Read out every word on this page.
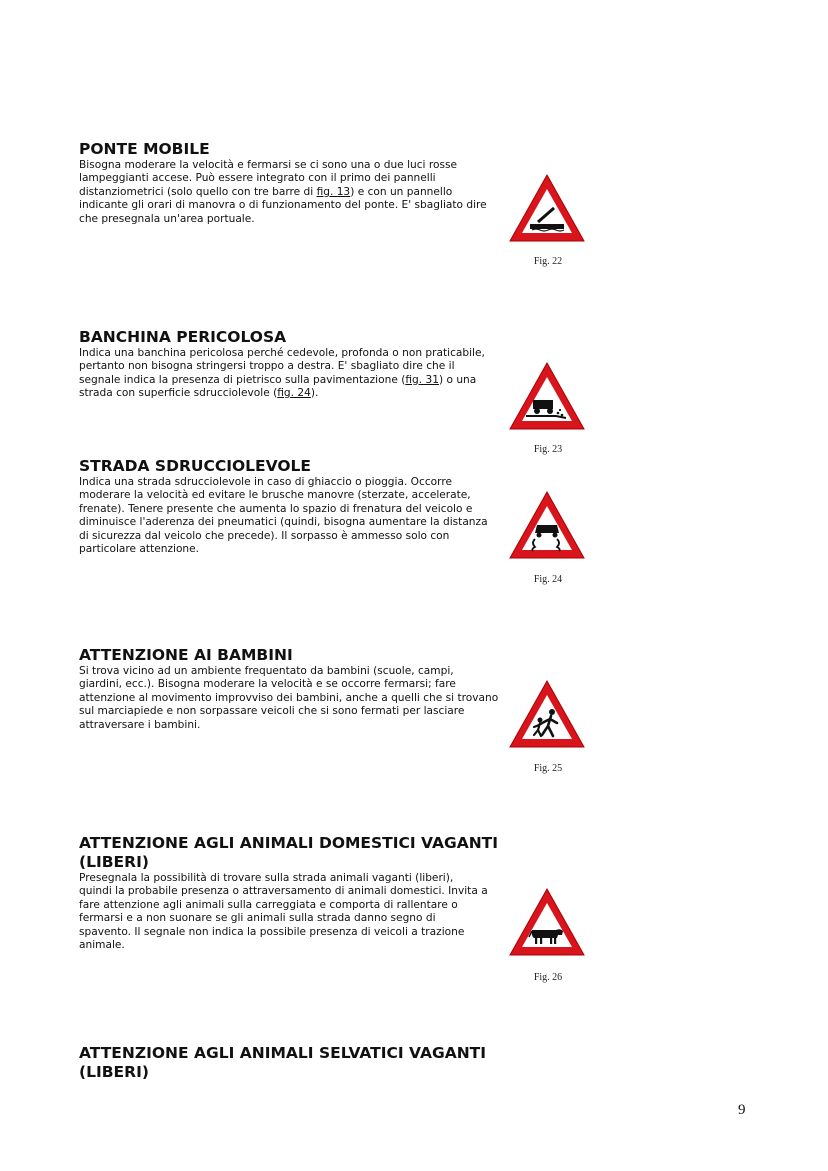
PONTE MOBILE

Bisogna moderare la velocità e fermarsi se ci sono una o due luci rosse lampeggianti accese. Può essere integrato con il primo dei pannelli distanziometrici (solo quello con tre barre di fig. 13) e con un pannello indicante gli orari di manovra o di funzionamento del ponte. E' sbagliato dire che presegnala un'area portuale.

Fig. 22
BANCHINA PERICOLOSA

Indica una banchina pericolosa perché cedevole, profonda o non praticabile, pertanto non bisogna stringersi troppo a destra. E' sbagliato dire che il segnale indica la presenza di pietrisco sulla pavimentazione (fig. 31) o una strada con superficie sdrucciolevole (fig. 24).

Fig. 23
STRADA SDRUCCIOLEVOLE

Indica una strada sdrucciolevole in caso di ghiaccio o pioggia. Occorre moderare la velocità ed evitare le brusche manovre (sterzate, accelerate, frenate). Tenere presente che aumenta lo spazio di frenatura del veicolo e diminuisce l'aderenza dei pneumatici (quindi, bisogna aumentare la distanza di sicurezza dal veicolo che precede). Il sorpasso è ammesso solo con particolare attenzione.

Fig. 24
ATTENZIONE AI BAMBINI

Si trova vicino ad un ambiente frequentato da bambini (scuole, campi, giardini, ecc.). Bisogna moderare la velocità e se occorre fermarsi; fare attenzione al movimento improvviso dei bambini, anche a quelli che si trovano sul marciapiede e non sorpassare veicoli che si sono fermati per lasciare attraversare i bambini.

Fig. 25
ATTENZIONE AGLI ANIMALI DOMESTICI VAGANTI (LIBERI)

Presegnala la possibilità di trovare sulla strada animali vaganti (liberi), quindi la probabile presenza o attraversamento di animali domestici. Invita a fare attenzione agli animali sulla carreggiata e comporta di rallentare o fermarsi e a non suonare se gli animali sulla strada danno segno di spavento. Il segnale non indica la possibile presenza di veicoli a trazione animale.

Fig. 26
ATTENZIONE AGLI ANIMALI SELVATICI VAGANTI (LIBERI)
9
